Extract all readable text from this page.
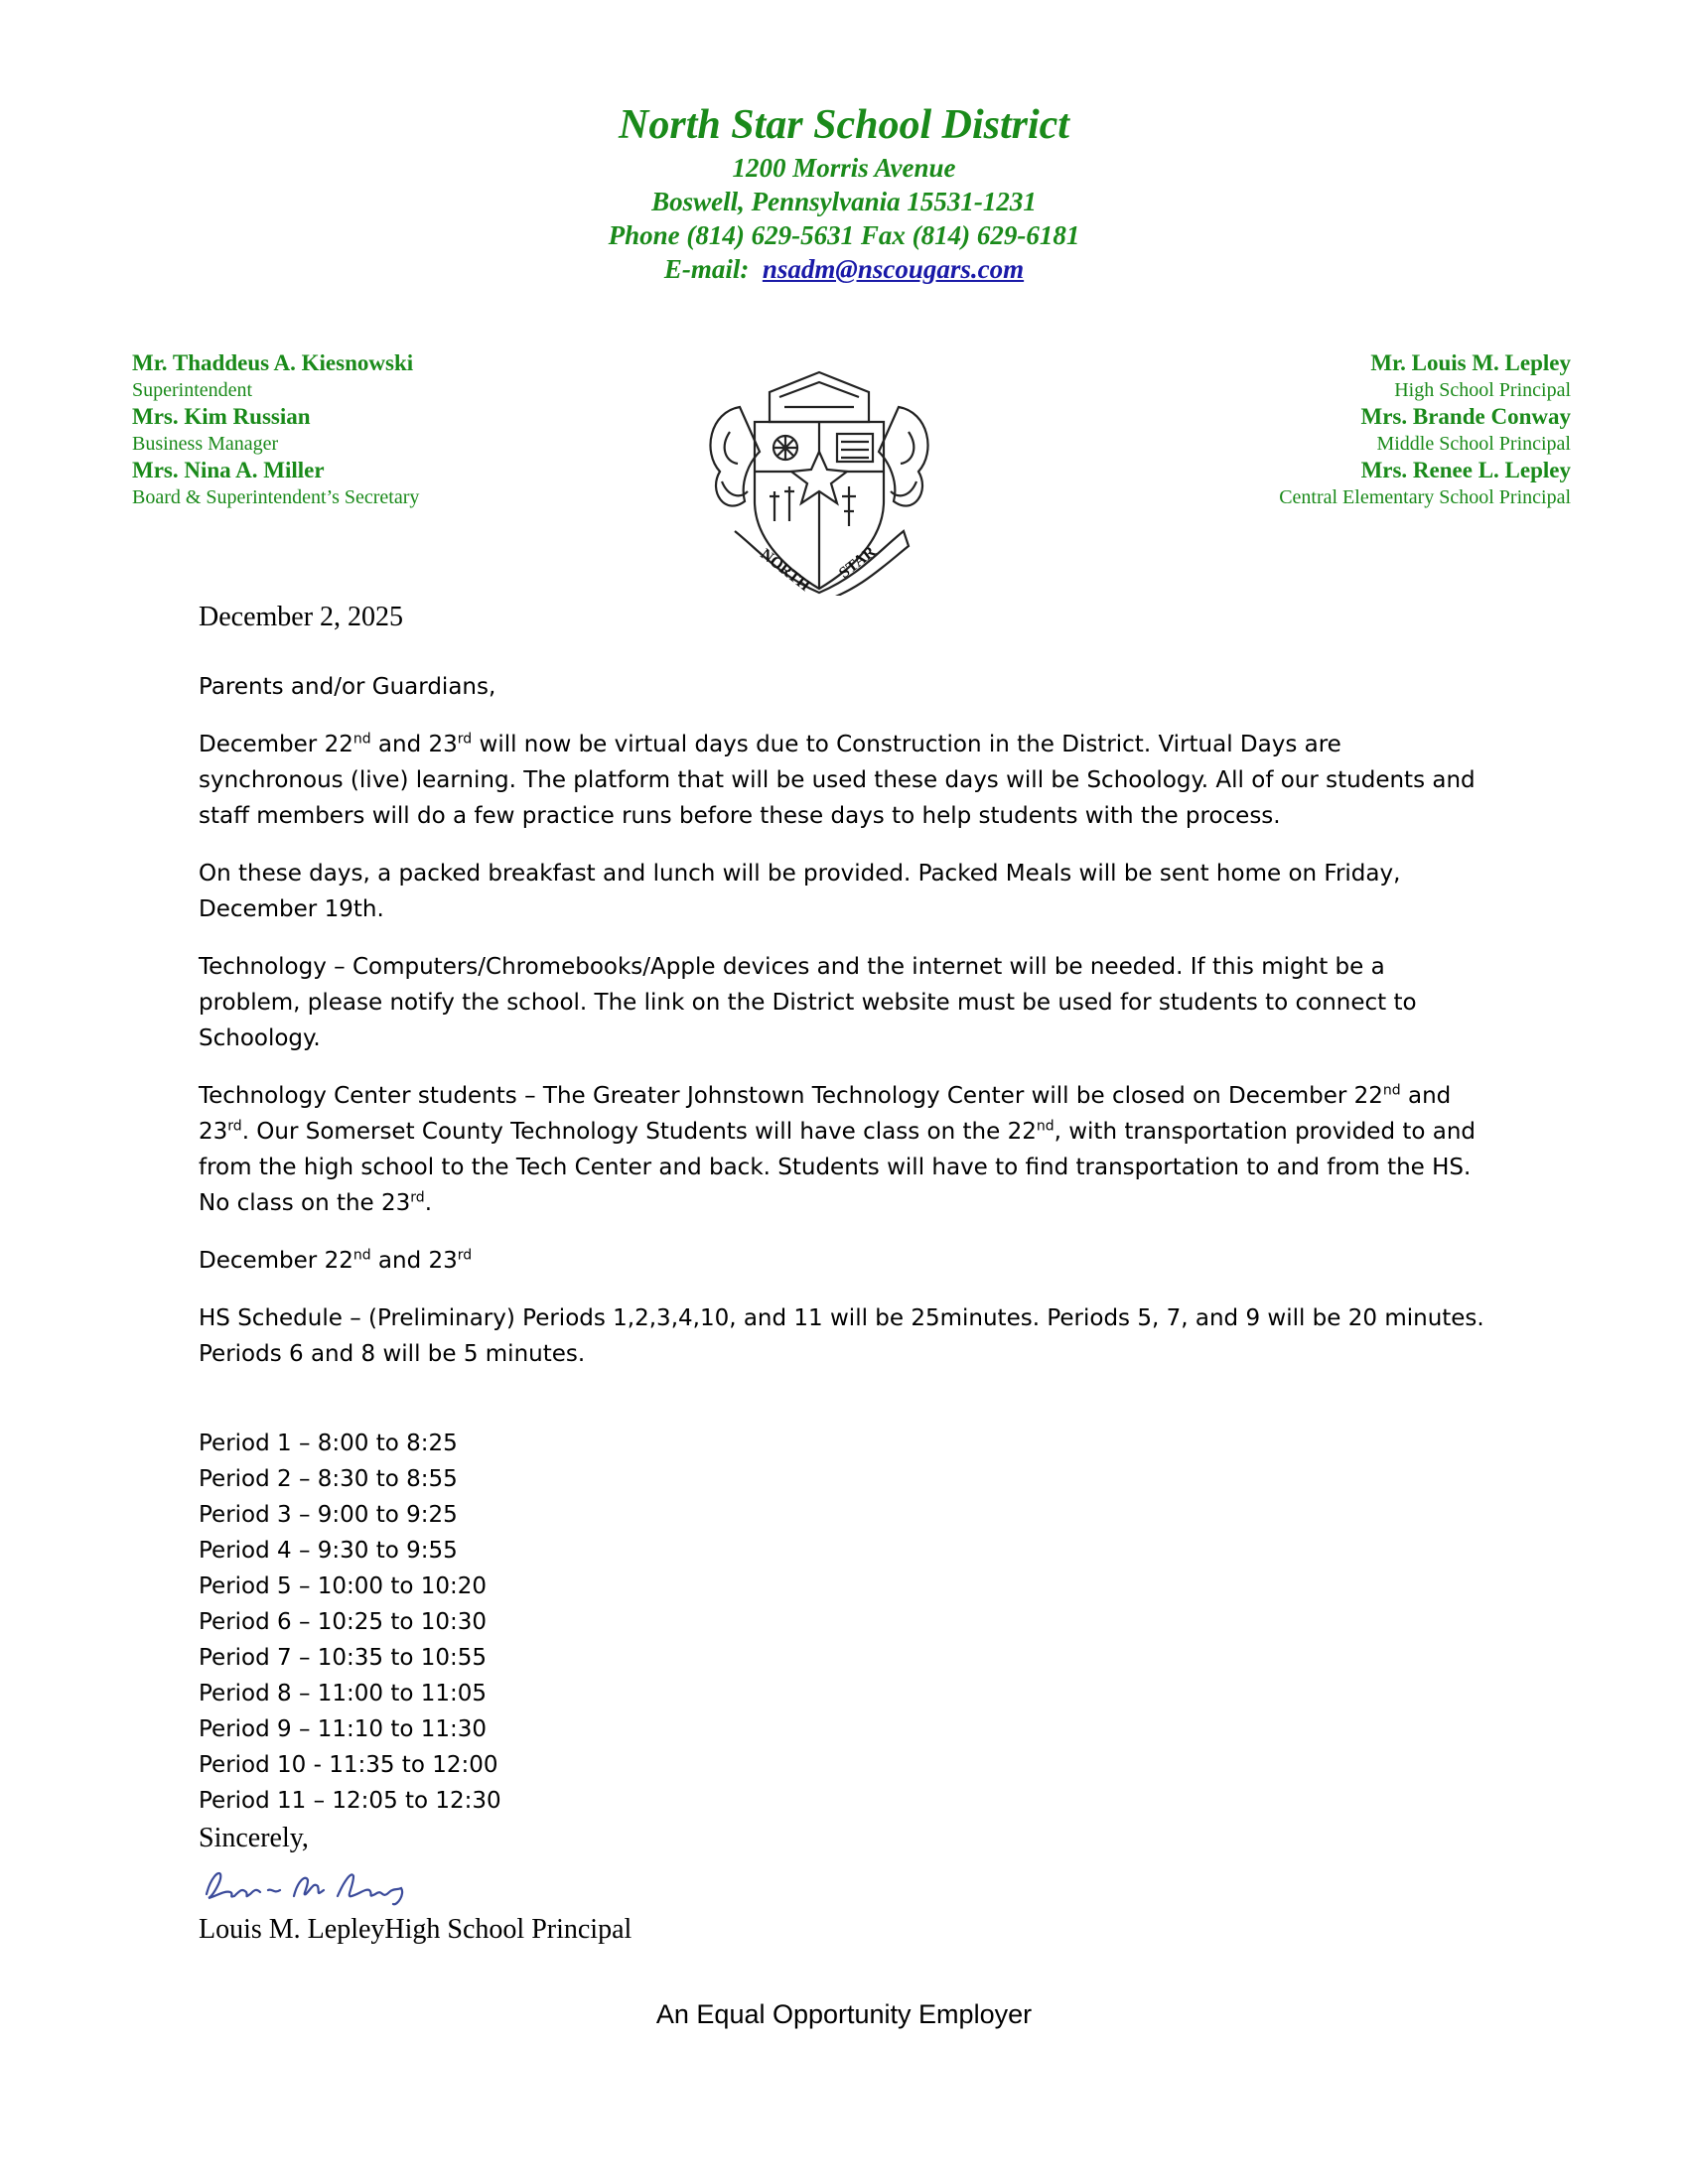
North Star School District
1200 Morris Avenue
Boswell, Pennsylvania 15531-1231
Phone (814) 629-5631 Fax (814) 629-6181
E-mail: nsadm@nscougars.com
Mr. Thaddeus A. Kiesnowski
Superintendent
Mrs. Kim Russian
Business Manager
Mrs. Nina A. Miller
Board & Superintendent’s Secretary
Mr. Louis M. Lepley
High School Principal
Mrs. Brande Conway
Middle School Principal
Mrs. Renee L. Lepley
Central Elementary School Principal
NORTH STAR
December 2, 2025

Parents and/or Guardians,

December 22nd and 23rd will now be virtual days due to Construction in the District. Virtual Days are synchronous (live) learning. The platform that will be used these days will be Schoology. All of our students and staff members will do a few practice runs before these days to help students with the process.

On these days, a packed breakfast and lunch will be provided. Packed Meals will be sent home on Friday, December 19th.

Technology – Computers/Chromebooks/Apple devices and the internet will be needed. If this might be a problem, please notify the school. The link on the District website must be used for students to connect to Schoology.

Technology Center students – The Greater Johnstown Technology Center will be closed on December 22nd and 23rd. Our Somerset County Technology Students will have class on the 22nd, with transportation provided to and from the high school to the Tech Center and back. Students will have to find transportation to and from the HS. No class on the 23rd.

December 22nd and 23rd

HS Schedule – (Preliminary) Periods 1,2,3,4,10, and 11 will be 25minutes. Periods 5, 7, and 9 will be 20 minutes. Periods 6 and 8 will be 5 minutes.

Period 1 – 8:00 to 8:25
Period 2 – 8:30 to 8:55
Period 3 – 9:00 to 9:25
Period 4 – 9:30 to 9:55
Period 5 – 10:00 to 10:20
Period 6 – 10:25 to 10:30
Period 7 – 10:35 to 10:55
Period 8 – 11:00 to 11:05
Period 9 – 11:10 to 11:30
Period 10 - 11:35 to 12:00
Period 11 – 12:05 to 12:30
Sincerely,
Louis M. LepleyHigh School Principal
An Equal Opportunity Employer
